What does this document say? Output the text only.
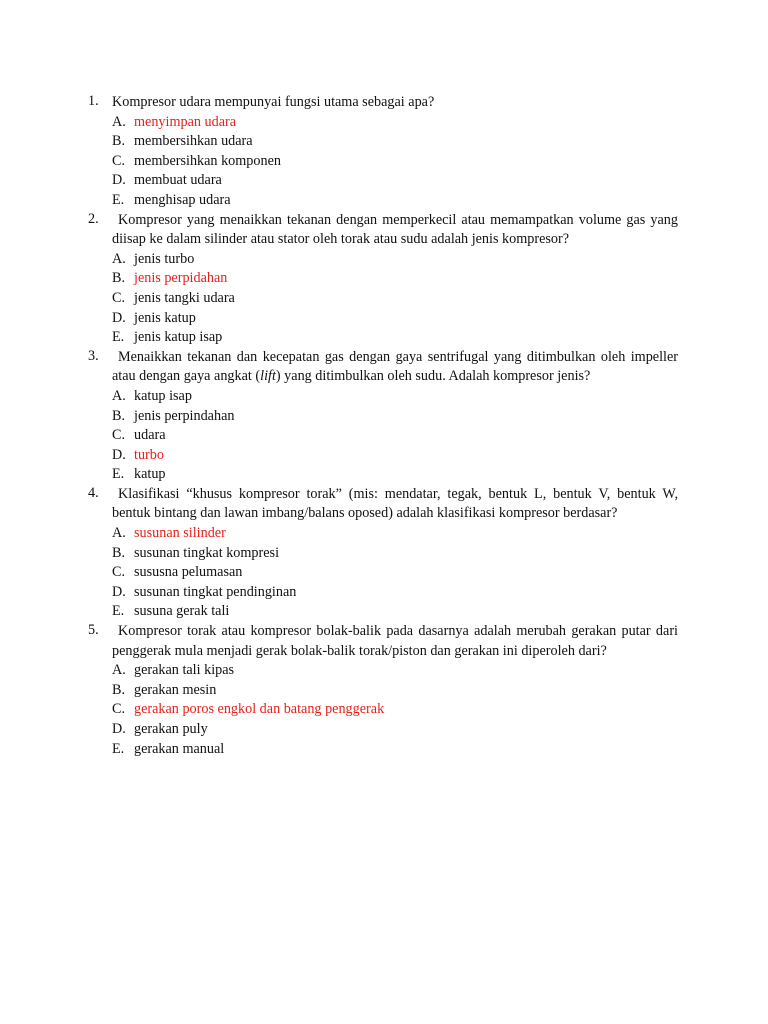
1. Kompresor udara mempunyai fungsi utama sebagai apa?
A. menyimpan udara
B. membersihkan udara
C. membersihkan komponen
D. membuat udara
E. menghisap udara
2.	Kompresor yang menaikkan tekanan dengan memperkecil atau memampatkan volume gas yang diisap ke dalam silinder atau stator oleh torak atau sudu adalah jenis kompresor?
A. jenis turbo
B. jenis perpidahan
C. jenis tangki udara
D. jenis katup
E. jenis katup isap
3.	Menaikkan tekanan dan kecepatan gas dengan gaya sentrifugal yang ditimbulkan oleh impeller atau dengan gaya angkat (lift) yang ditimbulkan oleh sudu. Adalah kompresor jenis?
A. katup isap
B. jenis perpindahan
C. udara
D. turbo
E. katup
4.	Klasifikasi “khusus kompresor torak” (mis: mendatar, tegak, bentuk L, bentuk V, bentuk W, bentuk bintang dan lawan imbang/balans oposed) adalah klasifikasi kompresor berdasar?
A. susunan silinder
B. susunan tingkat kompresi
C. sususna pelumasan
D. susunan tingkat pendinginan
E. susuna gerak tali
5.	Kompresor torak atau kompresor bolak-balik pada dasarnya adalah merubah gerakan putar dari penggerak mula menjadi gerak bolak-balik torak/piston dan gerakan ini diperoleh dari?
A. gerakan tali kipas
B. gerakan mesin
C. gerakan poros engkol dan batang penggerak
D. gerakan puly
E. gerakan manual
